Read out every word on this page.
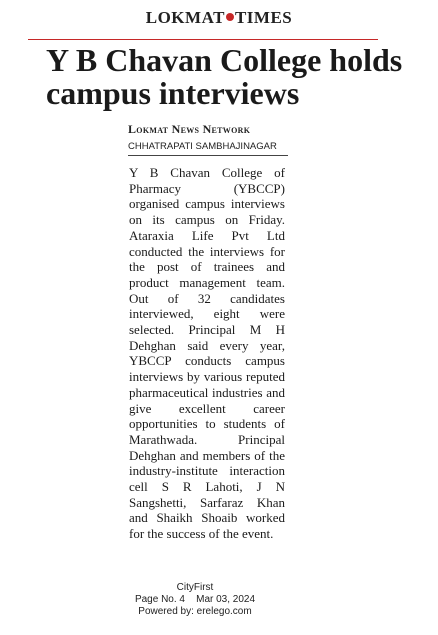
LOKMAT TIMES
Y B Chavan College holds campus interviews
Lokmat News Network
CHHATRAPATI SAMBHAJINAGAR

Y B Chavan College of Pharmacy (YBCCP) organised campus interviews on its campus on Friday. Ataraxia Life Pvt Ltd conducted the interviews for the post of trainees and product management team. Out of 32 candidates interviewed, eight were selected. Principal M H Dehghan said every year, YBCCP conducts campus interviews by various reputed pharmaceutical industries and give excellent career opportunities to students of Marathwada. Principal Dehghan and members of the industry-institute interaction cell S R Lahoti, J N Sangshetti, Sarfaraz Khan and Shaikh Shoaib worked for the success of the event.

CityFirst
Page No. 4 Mar 03, 2024
Powered by: erelego.com
